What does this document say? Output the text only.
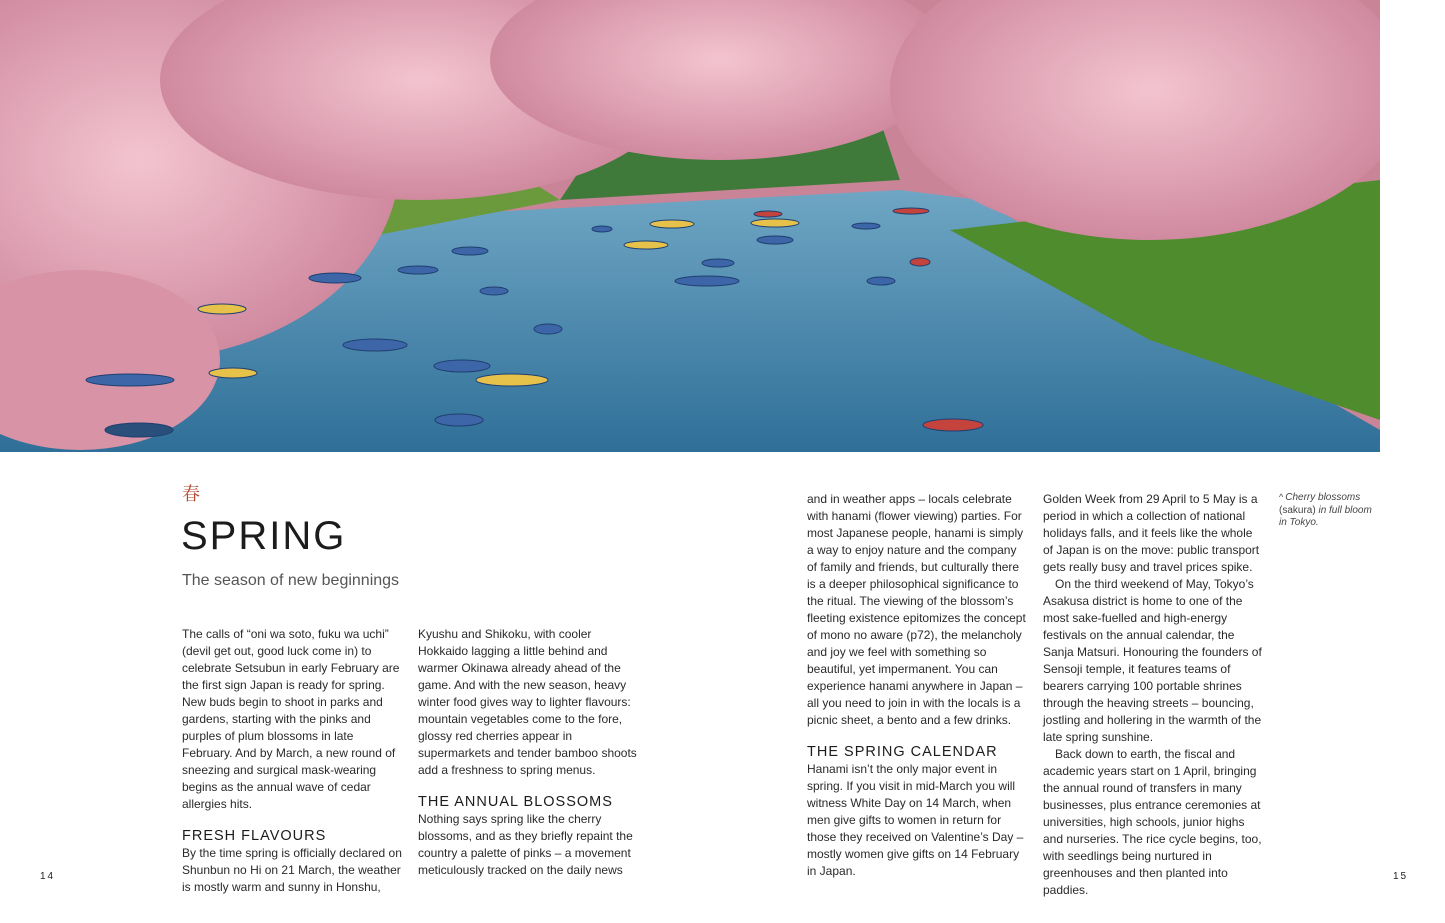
春
SPRING
The season of new beginnings

The calls of “oni wa soto, fuku wa uchi” (devil get out, good luck come in) to celebrate Setsubun in early February are the first sign Japan is ready for spring. New buds begin to shoot in parks and gardens, starting with the pinks and purples of plum blossoms in late February. And by March, a new round of sneezing and surgical mask-wearing begins as the annual wave of cedar allergies hits.

FRESH FLAVOURS

By the time spring is officially declared on Shunbun no Hi on 21 March, the weather is mostly warm and sunny in Honshu,

Kyushu and Shikoku, with cooler Hokkaido lagging a little behind and warmer Okinawa already ahead of the game. And with the new season, heavy winter food gives way to lighter flavours: mountain vegetables come to the fore, glossy red cherries appear in supermarkets and tender bamboo shoots add a freshness to spring menus.

THE ANNUAL BLOSSOMS

Nothing says spring like the cherry blossoms, and as they briefly repaint the country a palette of pinks – a movement meticulously tracked on the daily news

and in weather apps – locals celebrate with hanami (flower viewing) parties. For most Japanese people, hanami is simply a way to enjoy nature and the company of family and friends, but culturally there is a deeper philosophical significance to the ritual. The viewing of the blossom’s fleeting existence epitomizes the concept of mono no aware (p72), the melancholy and joy we feel with something so beautiful, yet impermanent. You can experience hanami anywhere in Japan – all you need to join in with the locals is a picnic sheet, a bento and a few drinks.

THE SPRING CALENDAR

Hanami isn’t the only major event in spring. If you visit in mid-March you will witness White Day on 14 March, when men give gifts to women in return for those they received on Valentine’s Day – mostly women give gifts on 14 February in Japan.

Golden Week from 29 April to 5 May is a period in which a collection of national holidays falls, and it feels like the whole of Japan is on the move: public transport gets really busy and travel prices spike.

On the third weekend of May, Tokyo’s Asakusa district is home to one of the most sake-fuelled and high-energy festivals on the annual calendar, the Sanja Matsuri. Honouring the founders of Sensoji temple, it features teams of bearers carrying 100 portable shrines through the heaving streets – bouncing, jostling and hollering in the warmth of the late spring sunshine.

Back down to earth, the fiscal and academic years start on 1 April, bringing the annual round of transfers in many businesses, plus entrance ceremonies at universities, high schools, junior highs and nurseries. The rice cycle begins, too, with seedlings being nurtured in greenhouses and then planted into paddies.

^ Cherry blossoms (sakura) in full bloom in Tokyo.
14	15
